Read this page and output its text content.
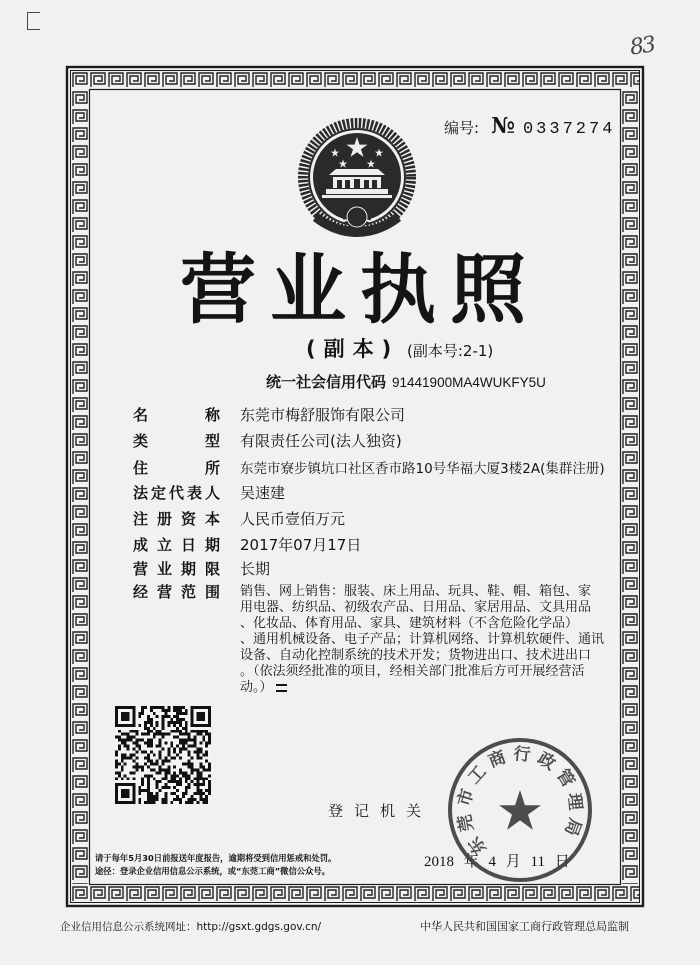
83
编号: № 0337274
营业执照
(副本) (副本号:2-1)
统一社会信用代码 91441900MA4WUKFY5U
名称 东莞市梅舒服饰有限公司
类型 有限责任公司(法人独资)
住所 东莞市寮步镇坑口社区香市路10号华福大厦3楼2A(集群注册)
法定代表人 吴速建
注册资本 人民币壹佰万元
成立日期 2017年07月17日
营业期限 长期
经营范围 销售、网上销售：服装、床上用品、玩具、鞋、帽、箱包、家
用电器、纺织品、初级农产品、日用品、家居用品、文具用品
、化妆品、体育用品、家具、建筑材料（不含危险化学品）
、通用机械设备、电子产品；计算机网络、计算机软硬件、通讯
设备、自动化控制系统的技术开发；货物进出口、技术进出口
。（依法须经批准的项目，经相关部门批准后方可开展经营活
动。）
登记机关
请于每年5月30日前报送年度报告，逾期将受到信用惩戒和处罚。
途径：登录企业信用信息公示系统，或“东莞工商”微信公众号。
2018 年 4 月 11 日
东莞市工商行政管理局
企业信用信息公示系统网址：http://gsxt.gdgs.gov.cn/	中华人民共和国国家工商行政管理总局监制
